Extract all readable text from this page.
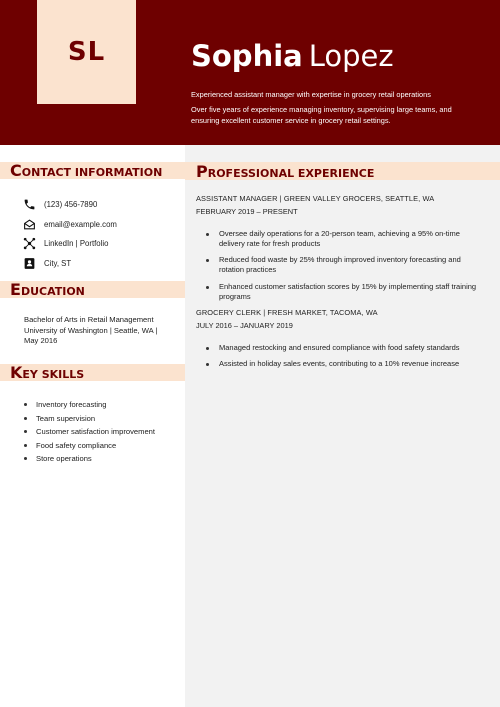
SL	Sophia Lopez

Experienced assistant manager with expertise in grocery retail operations

Over five years of experience managing inventory, supervising large teams, and ensuring excellent customer service in grocery retail settings.

CONTACT INFORMATION
(123) 456-7890
email@example.com
LinkedIn | Portfolio
City, ST
EDUCATION
Bachelor of Arts in Retail Management
University of Washington | Seattle, WA |
May 2016
KEY SKILLS
Inventory forecasting
Team supervision
Customer satisfaction improvement
Food safety compliance
Store operations
PROFESSIONAL EXPERIENCE
ASSISTANT MANAGER | GREEN VALLEY GROCERS, SEATTLE, WA
FEBRUARY 2019 – PRESENT
Oversee daily operations for a 20-person team, achieving a 95% on-time delivery rate for fresh products
Reduced food waste by 25% through improved inventory forecasting and rotation practices
Enhanced customer satisfaction scores by 15% by implementing staff training programs
GROCERY CLERK | FRESH MARKET, TACOMA, WA
JULY 2016 – JANUARY 2019
Managed restocking and ensured compliance with food safety standards
Assisted in holiday sales events, contributing to a 10% revenue increase
